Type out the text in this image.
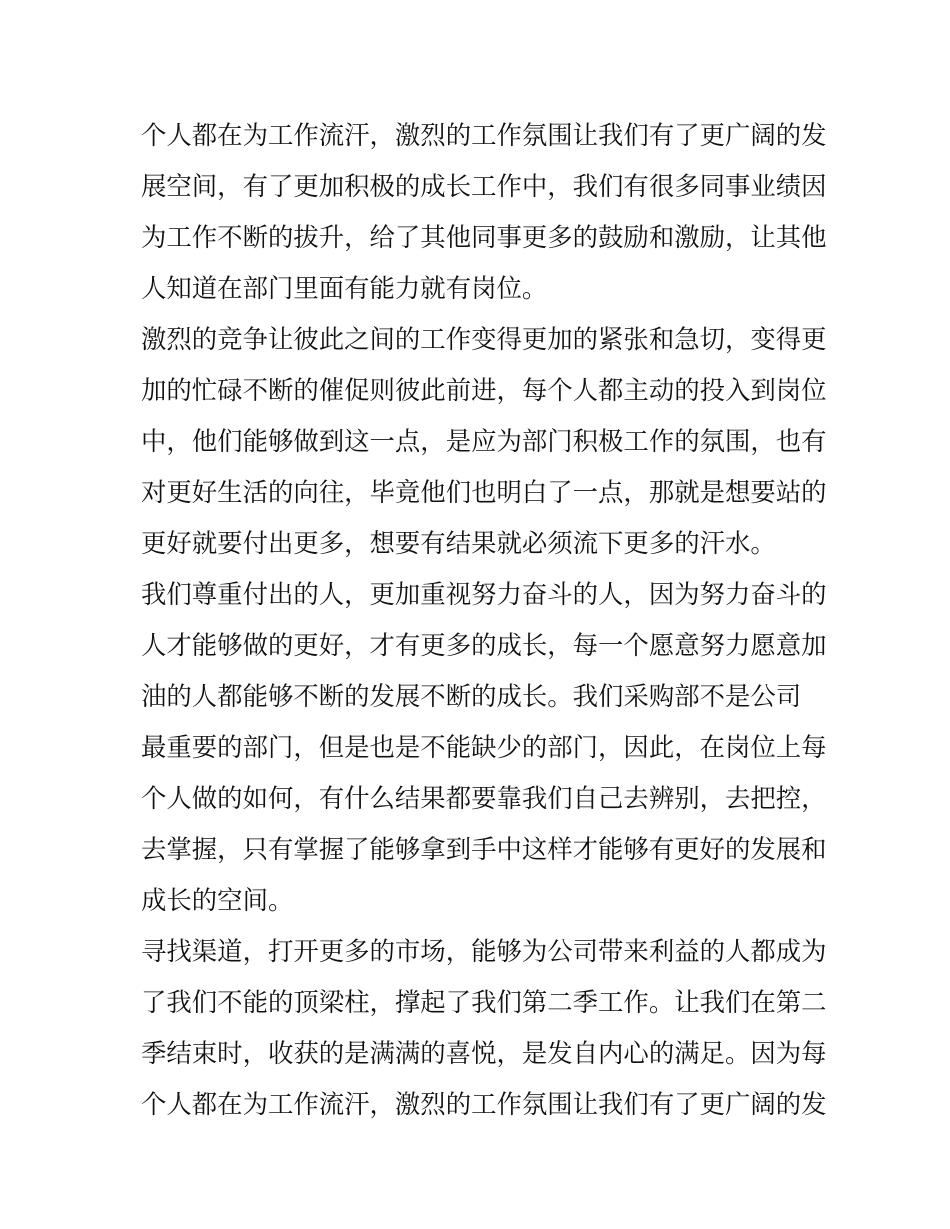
个人都在为工作流汗，激烈的工作氛围让我们有了更广阔的发
展空间，有了更加积极的成长工作中，我们有很多同事业绩因
为工作不断的拔升，给了其他同事更多的鼓励和激励，让其他
人知道在部门里面有能力就有岗位。
激烈的竞争让彼此之间的工作变得更加的紧张和急切，变得更
加的忙碌不断的催促则彼此前进，每个人都主动的投入到岗位
中，他们能够做到这一点，是应为部门积极工作的氛围，也有
对更好生活的向往，毕竟他们也明白了一点，那就是想要站的
更好就要付出更多，想要有结果就必须流下更多的汗水。
我们尊重付出的人，更加重视努力奋斗的人，因为努力奋斗的
人才能够做的更好，才有更多的成长，每一个愿意努力愿意加
油的人都能够不断的发展不断的成长。我们采购部不是公司
最重要的部门，但是也是不能缺少的部门，因此，在岗位上每
个人做的如何，有什么结果都要靠我们自己去辨别，去把控，
去掌握，只有掌握了能够拿到手中这样才能够有更好的发展和
成长的空间。
寻找渠道，打开更多的市场，能够为公司带来利益的人都成为
了我们不能的顶梁柱，撑起了我们第二季工作。让我们在第二
季结束时，收获的是满满的喜悦，是发自内心的满足。因为每
个人都在为工作流汗，激烈的工作氛围让我们有了更广阔的发
